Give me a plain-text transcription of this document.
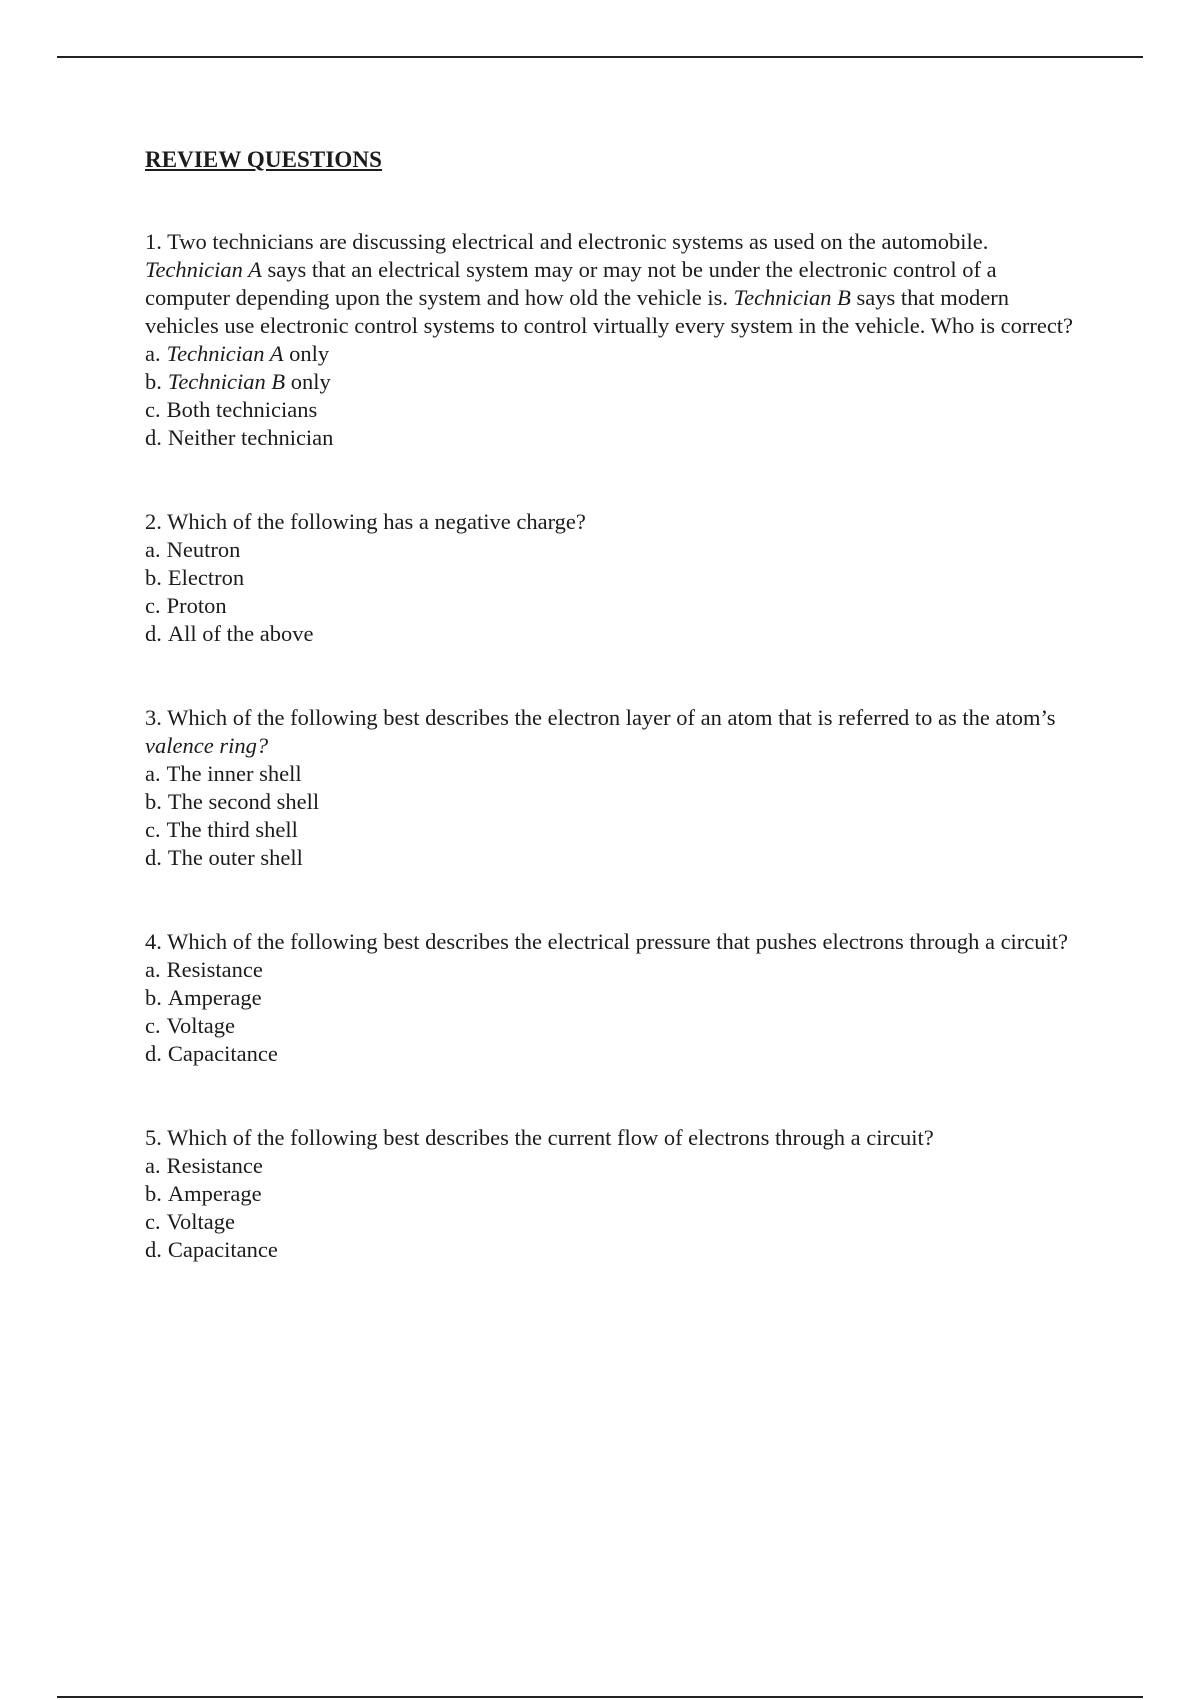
REVIEW QUESTIONS

1. Two technicians are discussing electrical and electronic systems as used on the automobile. Technician A says that an electrical system may or may not be under the electronic control of a computer depending upon the system and how old the vehicle is. Technician B says that modern vehicles use electronic control systems to control virtually every system in the vehicle. Who is correct?

a. Technician A only

b. Technician B only

c. Both technicians

d. Neither technician

2. Which of the following has a negative charge?

a. Neutron

b. Electron

c. Proton

d. All of the above

3. Which of the following best describes the electron layer of an atom that is referred to as the atom’s valence ring?

a. The inner shell

b. The second shell

c. The third shell

d. The outer shell

4. Which of the following best describes the electrical pressure that pushes electrons through a circuit?

a. Resistance

b. Amperage

c. Voltage

d. Capacitance

5. Which of the following best describes the current flow of electrons through a circuit?

a. Resistance

b. Amperage

c. Voltage

d. Capacitance
